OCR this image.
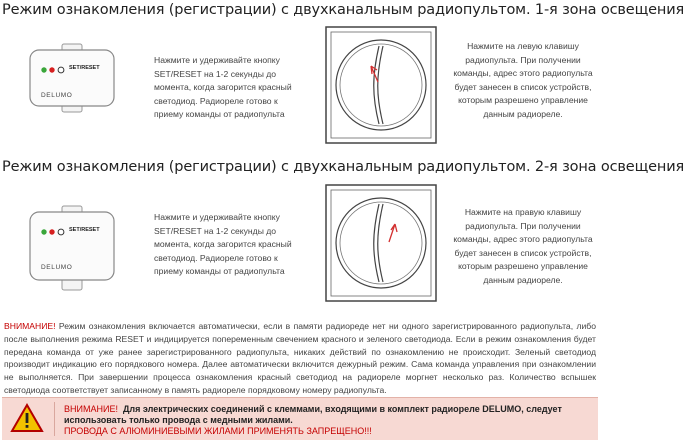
Режим ознакомления (регистрации) с двухканальным радиопультом. 1-я зона освещения
SET/RESET
DELUMO
Нажмите и удерживайте кнопку
SET/RESET на 1-2 секунды до
момента, когда загорится красный
светодиод. Радиореле готово к
приему команды от радиопульта
Нажмите на левую клавишу
радиопульта. При получении
команды, адрес этого радиопульта
будет занесен в список устройств,
которым разрешено управление
данным радиореле.
Режим ознакомления (регистрации) с двухканальным радиопультом. 2-я зона освещения
SET/RESET
DELUMO
Нажмите и удерживайте кнопку
SET/RESET на 1-2 секунды до
момента, когда загорится красный
светодиод. Радиореле готово к
приему команды от радиопульта
Нажмите на правую клавишу
радиопульта. При получении
команды, адрес этого радиопульта
будет занесен в список устройств,
которым разрешено управление
данным радиореле.
ВНИМАНИЕ! Режим ознакомления включается автоматически, если в памяти радиореде нет ни одного зарегистрированного радиопульта, либо после выполнения режима RESET и индицируется попеременным свечением красного и зеленого светодиода. Если в режим ознакомления будет передана команда от уже ранее зарегистрированного радиопульта, никаких действий по ознакомлению не происходит. Зеленый светодиод производит индикацию его порядкового номера. Далее автоматически включится дежурный режим. Сама команда управления при ознакомлении не выполняется. При завершении процесса ознакомления красный светодиод на радиореле моргнет несколько раз. Количество вспышек светодиода соответствует записанному в память радиореле порядковому номеру радиопульта.
ВНИМАНИЕ! Для электрических соединений с клеммами, входящими в комплект радиореле DELUMO, следует
использовать только провода с медными жилами.
ПРОВОДА С АЛЮМИНИЕВЫМИ ЖИЛАМИ ПРИМЕНЯТЬ ЗАПРЕЩЕНО!!!
